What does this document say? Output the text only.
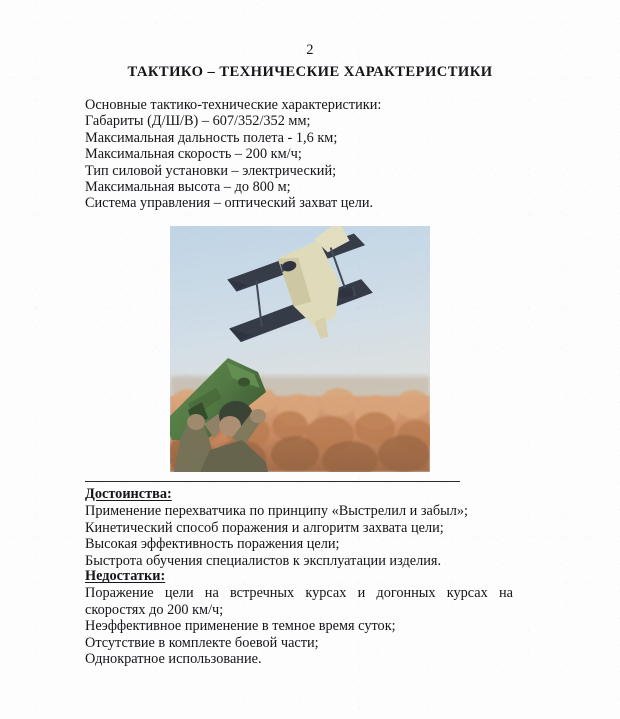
2
ТАКТИКО – ТЕХНИЧЕСКИЕ ХАРАКТЕРИСТИКИ
Основные тактико-технические характеристики:
Габариты (Д/Ш/В) – 607/352/352 мм;
Максимальная дальность полета - 1,6 км;
Максимальная скорость – 200 км/ч;
Тип силовой установки – электрический;
Максимальная высота – до 800 м;
Система управления – оптический захват цели.
Достоинства:
Применение перехватчика по принципу «Выстрелил и забыл»;
Кинетический способ поражения и алгоритм захвата цели;
Высокая эффективность поражения цели;
Быстрота обучения специалистов к эксплуатации изделия.
Недостатки:
Поражение цели на встречных курсах и догонных курсах на скоростях до 200 км/ч;
Неэффективное применение в темное время суток;
Отсутствие в комплекте боевой части;
Однократное использование.
